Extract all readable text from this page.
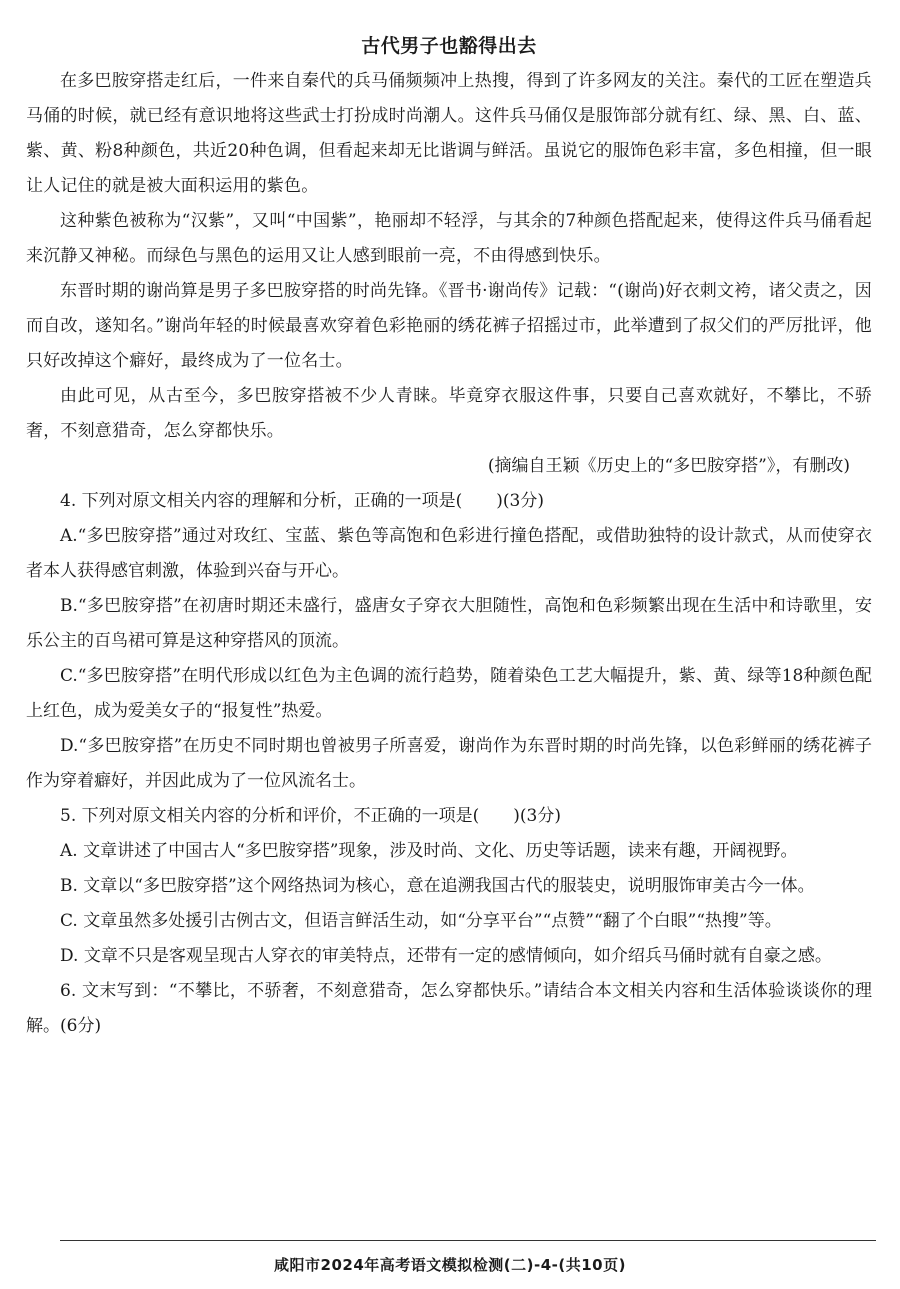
古代男子也豁得出去

在多巴胺穿搭走红后，一件来自秦代的兵马俑频频冲上热搜，得到了许多网友的关注。秦代的工匠在塑造兵马俑的时候，就已经有意识地将这些武士打扮成时尚潮人。这件兵马俑仅是服饰部分就有红、绿、黑、白、蓝、紫、黄、粉8种颜色，共近20种色调，但看起来却无比谐调与鲜活。虽说它的服饰色彩丰富，多色相撞，但一眼让人记住的就是被大面积运用的紫色。

这种紫色被称为“汉紫”，又叫“中国紫”，艳丽却不轻浮，与其余的7种颜色搭配起来，使得这件兵马俑看起来沉静又神秘。而绿色与黑色的运用又让人感到眼前一亮，不由得感到快乐。

东晋时期的谢尚算是男子多巴胺穿搭的时尚先锋。《晋书·谢尚传》记载：“(谢尚)好衣刺文袴，诸父责之，因而自改，遂知名。”谢尚年轻的时候最喜欢穿着色彩艳丽的绣花裤子招摇过市，此举遭到了叔父们的严厉批评，他只好改掉这个癖好，最终成为了一位名士。

由此可见，从古至今，多巴胺穿搭被不少人青睐。毕竟穿衣服这件事，只要自己喜欢就好，不攀比，不骄奢，不刻意猎奇，怎么穿都快乐。

(摘编自王颖《历史上的“多巴胺穿搭”》，有删改)

4. 下列对原文相关内容的理解和分析，正确的一项是(　　)(3分)

A.“多巴胺穿搭”通过对玫红、宝蓝、紫色等高饱和色彩进行撞色搭配，或借助独特的设计款式，从而使穿衣者本人获得感官刺激，体验到兴奋与开心。

B.“多巴胺穿搭”在初唐时期还未盛行，盛唐女子穿衣大胆随性，高饱和色彩频繁出现在生活中和诗歌里，安乐公主的百鸟裙可算是这种穿搭风的顶流。

C.“多巴胺穿搭”在明代形成以红色为主色调的流行趋势，随着染色工艺大幅提升，紫、黄、绿等18种颜色配上红色，成为爱美女子的“报复性”热爱。

D.“多巴胺穿搭”在历史不同时期也曾被男子所喜爱，谢尚作为东晋时期的时尚先锋，以色彩鲜丽的绣花裤子作为穿着癖好，并因此成为了一位风流名士。

5. 下列对原文相关内容的分析和评价，不正确的一项是(　　)(3分)

A. 文章讲述了中国古人“多巴胺穿搭”现象，涉及时尚、文化、历史等话题，读来有趣，开阔视野。

B. 文章以“多巴胺穿搭”这个网络热词为核心，意在追溯我国古代的服装史，说明服饰审美古今一体。

C. 文章虽然多处援引古例古文，但语言鲜活生动，如“分享平台”“点赞”“翻了个白眼”“热搜”等。

D. 文章不只是客观呈现古人穿衣的审美特点，还带有一定的感情倾向，如介绍兵马俑时就有自豪之感。

6. 文末写到：“不攀比，不骄奢，不刻意猎奇，怎么穿都快乐。”请结合本文相关内容和生活体验谈谈你的理解。(6分)

咸阳市2024年高考语文模拟检测(二)-4-(共10页)
